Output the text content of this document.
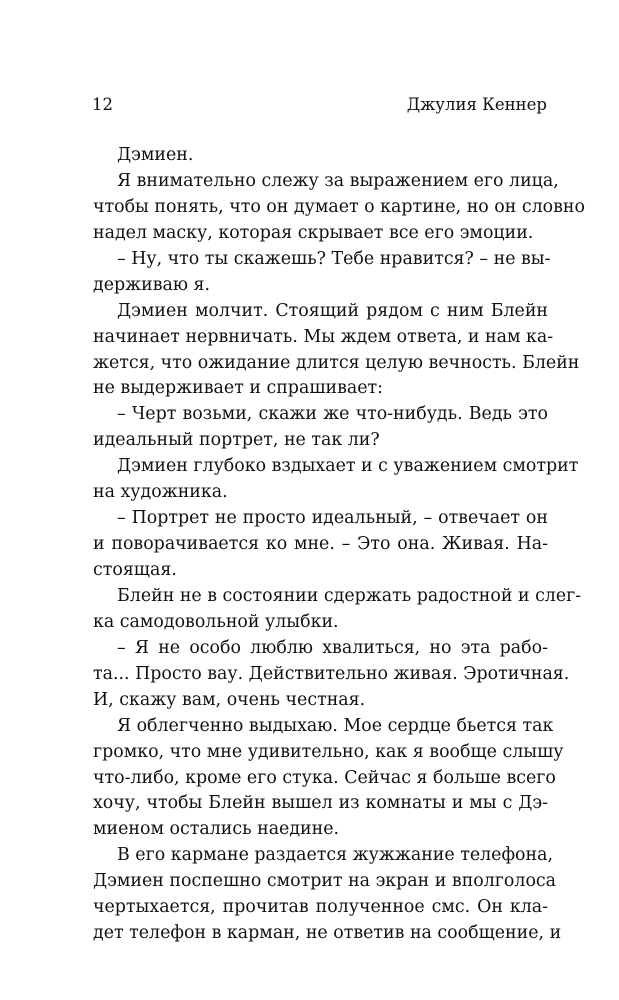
12	Джулия Кеннер
Дэмиен.
Я внимательно слежу за выражением его лица,
чтобы понять, что он думает о картине, но он словно
надел маску, которая скрывает все его эмоции.
– Ну, что ты скажешь? Тебе нравится? – не вы-
держиваю я.
Дэмиен молчит. Стоящий рядом с ним Блейн
начинает нервничать. Мы ждем ответа, и нам ка-
жется, что ожидание длится целую вечность. Блейн
не выдерживает и спрашивает:
– Черт возьми, скажи же что-нибудь. Ведь это
идеальный портрет, не так ли?
Дэмиен глубоко вздыхает и с уважением смотрит
на художника.
– Портрет не просто идеальный, – отвечает он
и поворачивается ко мне. – Это она. Живая. На-
стоящая.
Блейн не в состоянии сдержать радостной и слег-
ка самодовольной улыбки.
– Я не особо люблю хвалиться, но эта рабо-
та... Просто вау. Действительно живая. Эротичная.
И, скажу вам, очень честная.
Я облегченно выдыхаю. Мое сердце бьется так
громко, что мне удивительно, как я вообще слышу
что-либо, кроме его стука. Сейчас я больше всего
хочу, чтобы Блейн вышел из комнаты и мы с Дэ-
миеном остались наедине.
В его кармане раздается жужжание телефона,
Дэмиен поспешно смотрит на экран и вполголоса
чертыхается, прочитав полученное смс. Он кла-
дет телефон в карман, не ответив на сообщение, и
